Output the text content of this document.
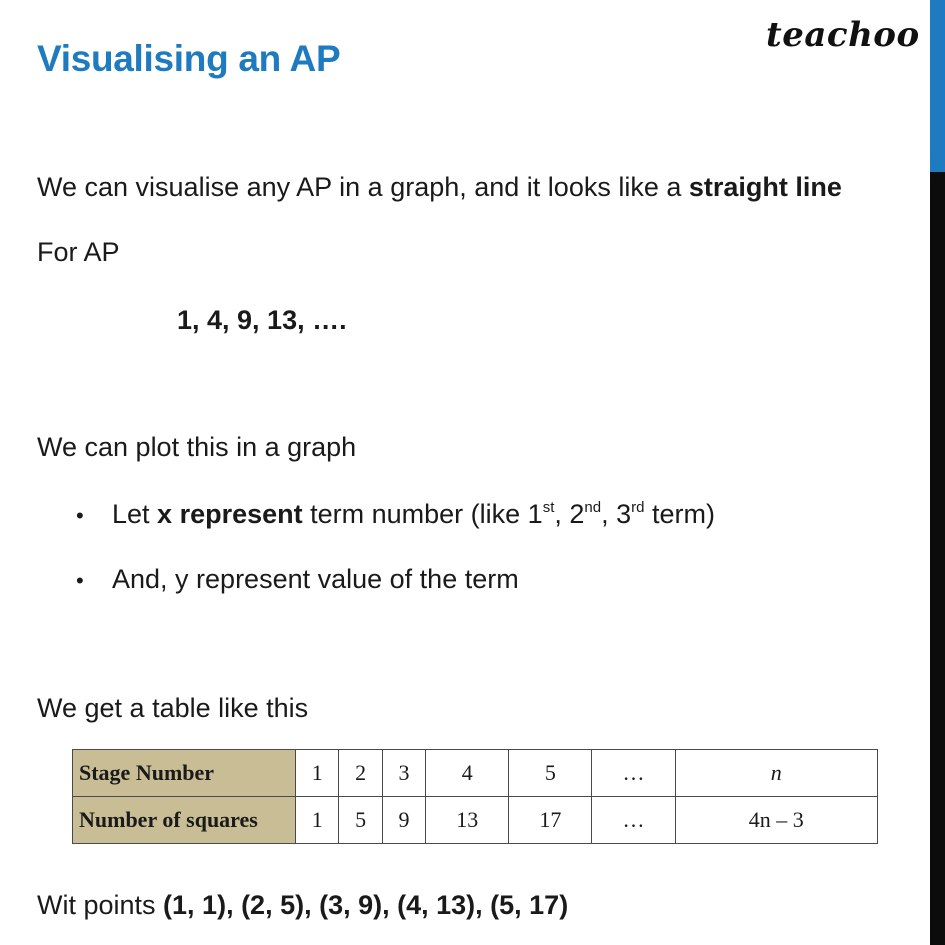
Visualising an AP
teachoo
We can visualise any AP in a graph, and it looks like a straight line
For AP
1, 4, 9, 13, ….
We can plot this in a graph
• Let x represent term number (like 1st, 2nd, 3rd term)
• And, y represent value of the term
We get a table like this
Stage Number	1	2	3	4	5	…	n
Number of squares	1	5	9	13	17	…	4n – 3
Wit points (1, 1), (2, 5), (3, 9), (4, 13), (5, 17)
